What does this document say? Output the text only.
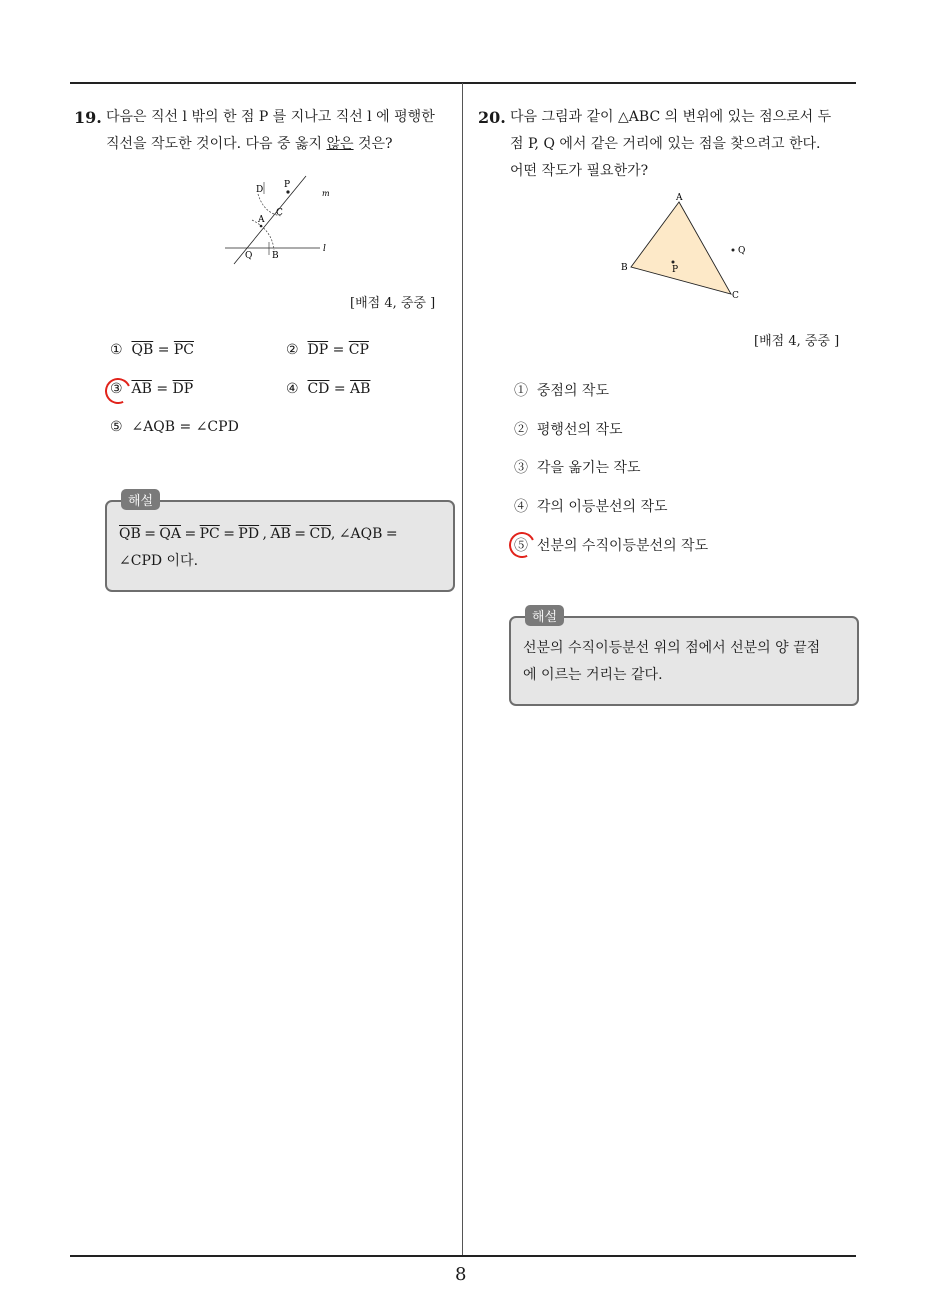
8
19. 다음은 직선 l 밖의 한 점 P 를 지나고 직선 l 에 평행한
직선을 작도한 것이다. 다음 중 옳지 않은 것은?
D P
m
A
C
Q B
l
[배점 4, 중중 ]
① $\overline{QB} = \overline{PC}$	② $\overline{DP} = \overline{CP}$
③ $\overline{AB} = \overline{DP}$	④ $\overline{CD} = \overline{AB}$
⑤ ∠AQB = ∠CPD
해설
$\overline{QB} = \overline{QA} = \overline{PC} = \overline{PD}$ , $\overline{AB} = \overline{CD}$, ∠AQB =
∠CPD 이다.
20. 다음 그림과 같이 △ABC 의 변위에 있는 점으로서 두
점 P, Q 에서 같은 거리에 있는 점을 찾으려고 한다.
어떤 작도가 필요한가?
A
B
C
P
Q
[배점 4, 중중 ]
① 중점의 작도
② 평행선의 작도
③ 각을 옮기는 작도
④ 각의 이등분선의 작도
⑤ 선분의 수직이등분선의 작도
해설
선분의 수직이등분선 위의 점에서 선분의 양 끝점
에 이르는 거리는 같다.
